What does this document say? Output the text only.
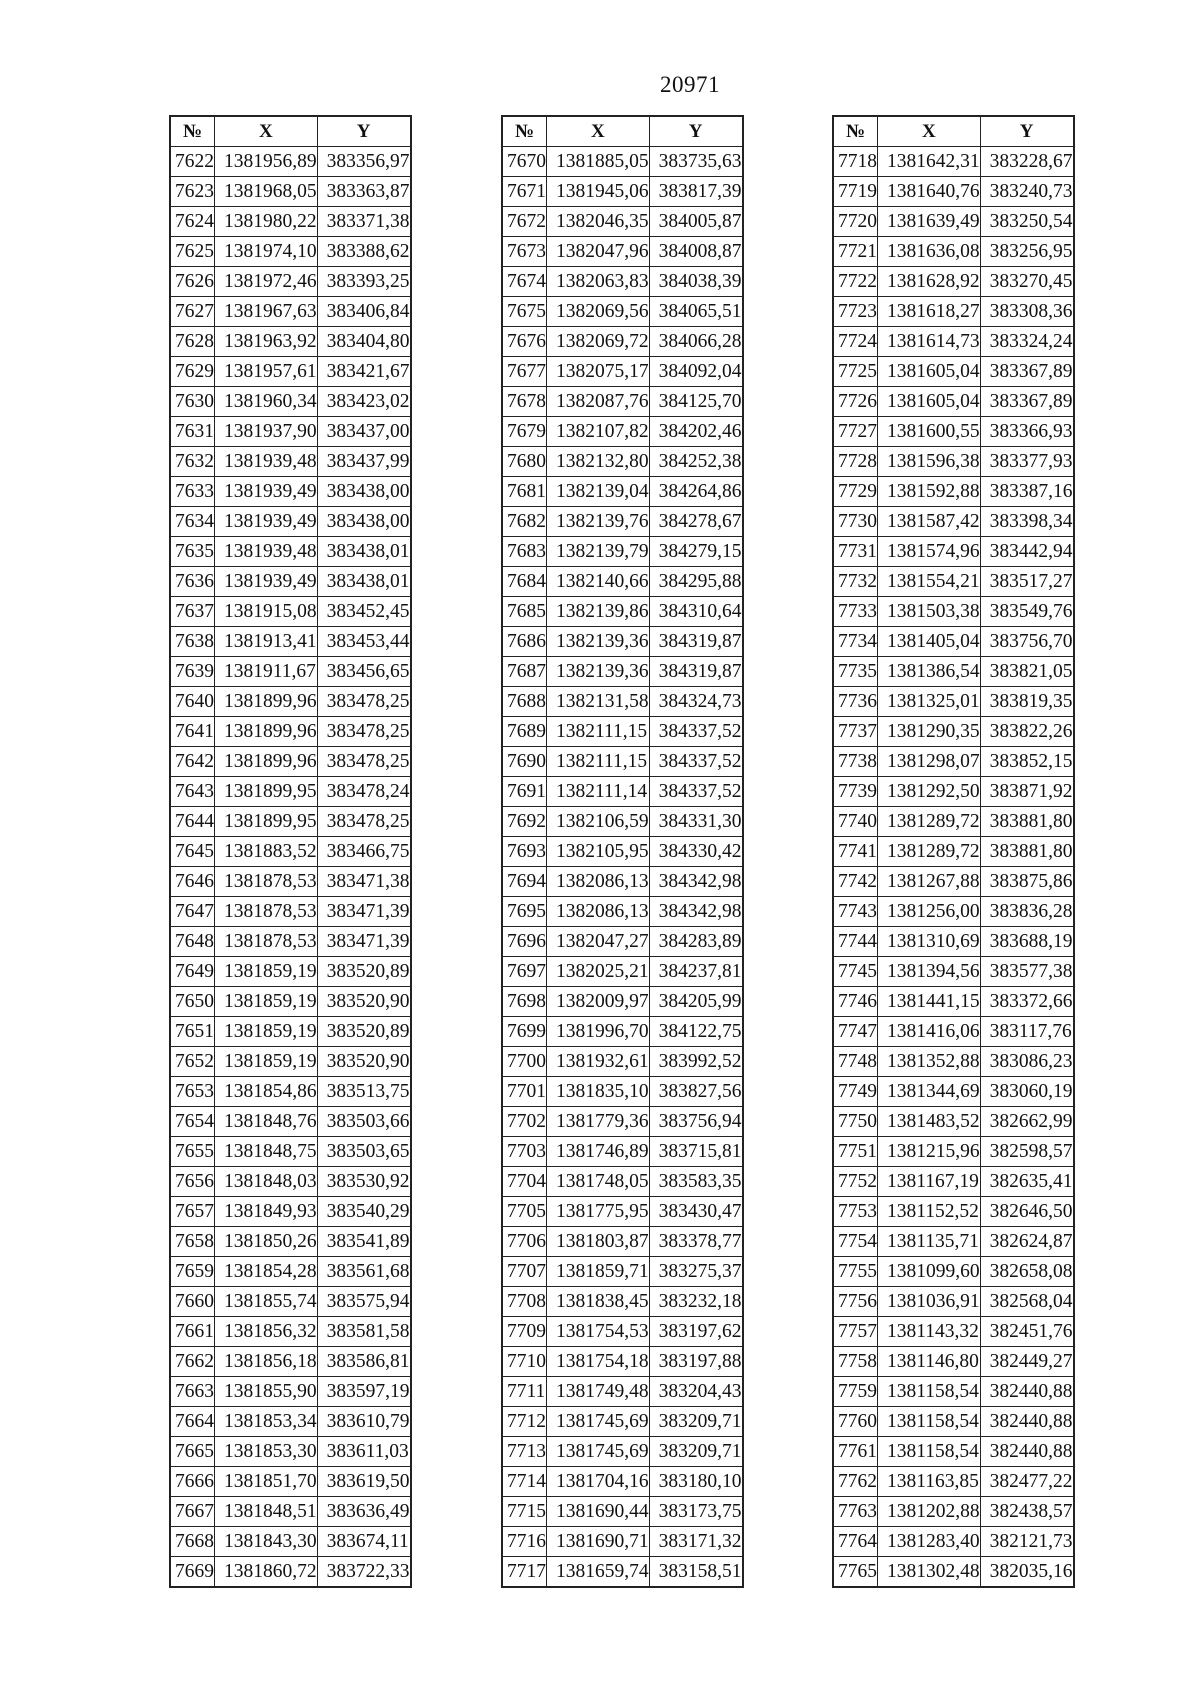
20971
№	X	Y
7622	1381956,89	383356,97
7623	1381968,05	383363,87
7624	1381980,22	383371,38
7625	1381974,10	383388,62
7626	1381972,46	383393,25
7627	1381967,63	383406,84
7628	1381963,92	383404,80
7629	1381957,61	383421,67
7630	1381960,34	383423,02
7631	1381937,90	383437,00
7632	1381939,48	383437,99
7633	1381939,49	383438,00
7634	1381939,49	383438,00
7635	1381939,48	383438,01
7636	1381939,49	383438,01
7637	1381915,08	383452,45
7638	1381913,41	383453,44
7639	1381911,67	383456,65
7640	1381899,96	383478,25
7641	1381899,96	383478,25
7642	1381899,96	383478,25
7643	1381899,95	383478,24
7644	1381899,95	383478,25
7645	1381883,52	383466,75
7646	1381878,53	383471,38
7647	1381878,53	383471,39
7648	1381878,53	383471,39
7649	1381859,19	383520,89
7650	1381859,19	383520,90
7651	1381859,19	383520,89
7652	1381859,19	383520,90
7653	1381854,86	383513,75
7654	1381848,76	383503,66
7655	1381848,75	383503,65
7656	1381848,03	383530,92
7657	1381849,93	383540,29
7658	1381850,26	383541,89
7659	1381854,28	383561,68
7660	1381855,74	383575,94
7661	1381856,32	383581,58
7662	1381856,18	383586,81
7663	1381855,90	383597,19
7664	1381853,34	383610,79
7665	1381853,30	383611,03
7666	1381851,70	383619,50
7667	1381848,51	383636,49
7668	1381843,30	383674,11
7669	1381860,72	383722,33
№	X	Y
7670	1381885,05	383735,63
7671	1381945,06	383817,39
7672	1382046,35	384005,87
7673	1382047,96	384008,87
7674	1382063,83	384038,39
7675	1382069,56	384065,51
7676	1382069,72	384066,28
7677	1382075,17	384092,04
7678	1382087,76	384125,70
7679	1382107,82	384202,46
7680	1382132,80	384252,38
7681	1382139,04	384264,86
7682	1382139,76	384278,67
7683	1382139,79	384279,15
7684	1382140,66	384295,88
7685	1382139,86	384310,64
7686	1382139,36	384319,87
7687	1382139,36	384319,87
7688	1382131,58	384324,73
7689	1382111,15	384337,52
7690	1382111,15	384337,52
7691	1382111,14	384337,52
7692	1382106,59	384331,30
7693	1382105,95	384330,42
7694	1382086,13	384342,98
7695	1382086,13	384342,98
7696	1382047,27	384283,89
7697	1382025,21	384237,81
7698	1382009,97	384205,99
7699	1381996,70	384122,75
7700	1381932,61	383992,52
7701	1381835,10	383827,56
7702	1381779,36	383756,94
7703	1381746,89	383715,81
7704	1381748,05	383583,35
7705	1381775,95	383430,47
7706	1381803,87	383378,77
7707	1381859,71	383275,37
7708	1381838,45	383232,18
7709	1381754,53	383197,62
7710	1381754,18	383197,88
7711	1381749,48	383204,43
7712	1381745,69	383209,71
7713	1381745,69	383209,71
7714	1381704,16	383180,10
7715	1381690,44	383173,75
7716	1381690,71	383171,32
7717	1381659,74	383158,51
№	X	Y
7718	1381642,31	383228,67
7719	1381640,76	383240,73
7720	1381639,49	383250,54
7721	1381636,08	383256,95
7722	1381628,92	383270,45
7723	1381618,27	383308,36
7724	1381614,73	383324,24
7725	1381605,04	383367,89
7726	1381605,04	383367,89
7727	1381600,55	383366,93
7728	1381596,38	383377,93
7729	1381592,88	383387,16
7730	1381587,42	383398,34
7731	1381574,96	383442,94
7732	1381554,21	383517,27
7733	1381503,38	383549,76
7734	1381405,04	383756,70
7735	1381386,54	383821,05
7736	1381325,01	383819,35
7737	1381290,35	383822,26
7738	1381298,07	383852,15
7739	1381292,50	383871,92
7740	1381289,72	383881,80
7741	1381289,72	383881,80
7742	1381267,88	383875,86
7743	1381256,00	383836,28
7744	1381310,69	383688,19
7745	1381394,56	383577,38
7746	1381441,15	383372,66
7747	1381416,06	383117,76
7748	1381352,88	383086,23
7749	1381344,69	383060,19
7750	1381483,52	382662,99
7751	1381215,96	382598,57
7752	1381167,19	382635,41
7753	1381152,52	382646,50
7754	1381135,71	382624,87
7755	1381099,60	382658,08
7756	1381036,91	382568,04
7757	1381143,32	382451,76
7758	1381146,80	382449,27
7759	1381158,54	382440,88
7760	1381158,54	382440,88
7761	1381158,54	382440,88
7762	1381163,85	382477,22
7763	1381202,88	382438,57
7764	1381283,40	382121,73
7765	1381302,48	382035,16
